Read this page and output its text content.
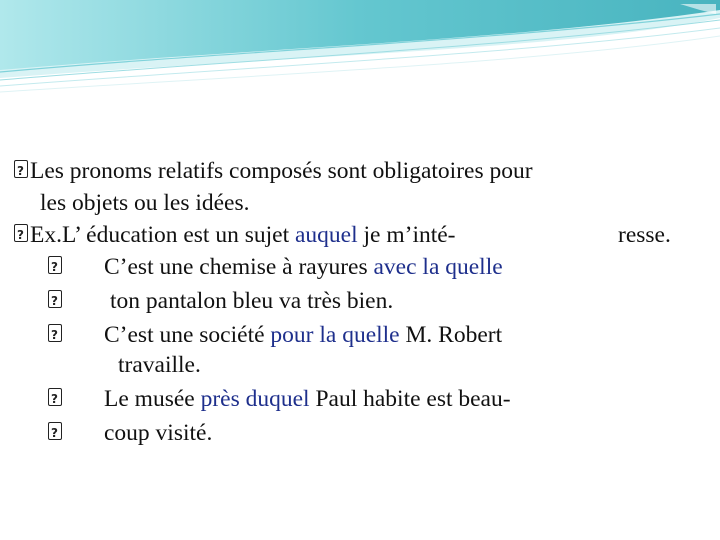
?
Les pronoms relatifs composés sont obligatoires pour
les objets ou les idées.
?
Ex.L’ éducation est un sujet auquel je m’inté-	resse.
?
C’est une chemise à rayures avec la quelle
?
ton pantalon bleu va très bien.
?
C’est une société pour la quelle M. Robert
travaille.
?
Le musée près duquel Paul habite est beau-
?
coup visité.
